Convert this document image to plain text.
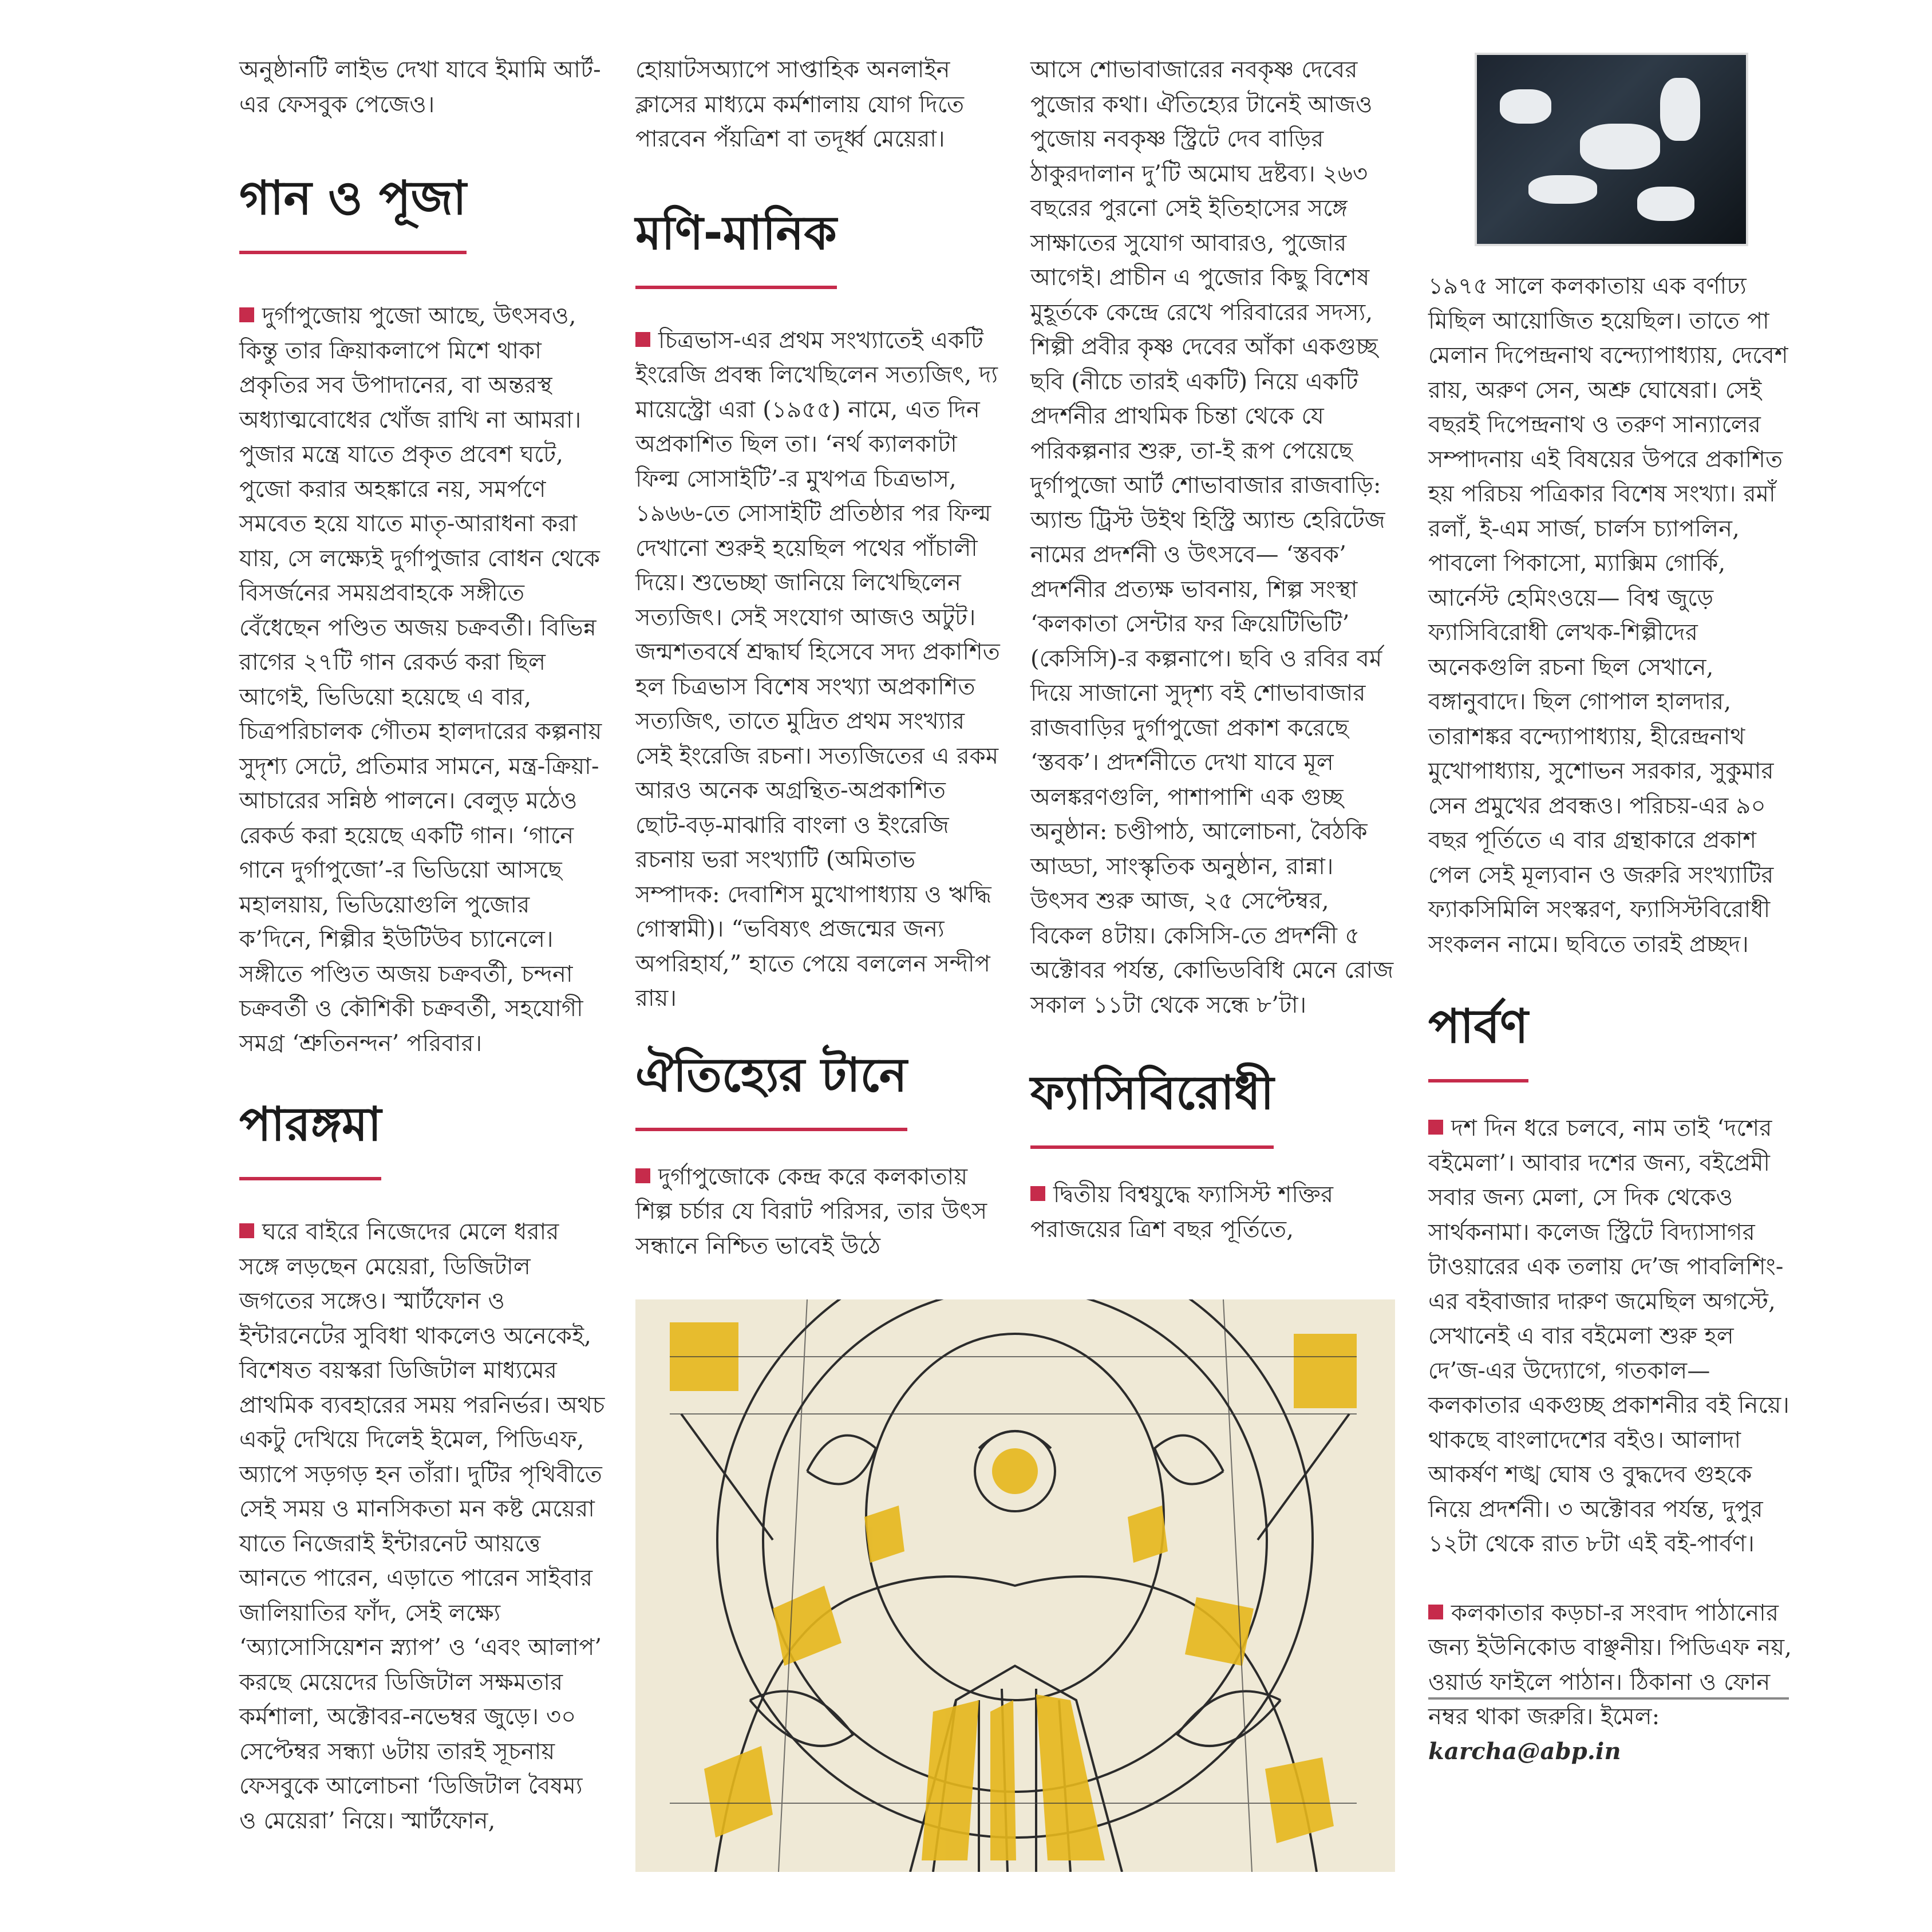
অনুষ্ঠানটি লাইভ দেখা যাবে ইমামি আর্ট-এর ফেসবুক পেজেও।

গান ও পূজা

দুর্গাপুজোয় পুজো আছে, উৎসবও, কিন্তু তার ক্রিয়াকলাপে মিশে থাকা প্রকৃতির সব উপাদানের, বা অন্তরস্থ অধ্যাত্মবোধের খোঁজ রাখি না আমরা। পুজার মন্ত্রে যাতে প্রকৃত প্রবেশ ঘটে, পুজো করার অহঙ্কারে নয়, সমর্পণে সমবেত হয়ে যাতে মাতৃ-আরাধনা করা যায়, সে লক্ষ্যেই দুর্গাপুজার বোধন থেকে বিসর্জনের সময়প্রবাহকে সঙ্গীতে বেঁধেছেন পণ্ডিত অজয় চক্রবর্তী। বিভিন্ন রাগের ২৭টি গান রেকর্ড করা ছিল আগেই, ভিডিয়ো হয়েছে এ বার, চিত্রপরিচালক গৌতম হালদারের কল্পনায় সুদৃশ্য সেটে, প্রতিমার সামনে, মন্ত্র-ক্রিয়া-আচারের সন্নিষ্ঠ পালনে। বেলুড় মঠেও রেকর্ড করা হয়েছে একটি গান। ‘গানে গানে দুর্গাপুজো’-র ভিডিয়ো আসছে মহালয়ায়, ভিডিয়োগুলি পুজোর ক’দিনে, শিল্পীর ইউটিউব চ্যানেলে। সঙ্গীতে পণ্ডিত অজয় চক্রবর্তী, চন্দনা চক্রবর্তী ও কৌশিকী চক্রবর্তী, সহযোগী সমগ্র ‘শ্রুতিনন্দন’ পরিবার।

পারঙ্গমা

ঘরে বাইরে নিজেদের মেলে ধরার সঙ্গে লড়ছেন মেয়েরা, ডিজিটাল জগতের সঙ্গেও। স্মার্টফোন ও ইন্টারনেটের সুবিধা থাকলেও অনেকেই, বিশেষত বয়স্করা ডিজিটাল মাধ্যমের প্রাথমিক ব্যবহারের সময় পরনির্ভর। অথচ একটু দেখিয়ে দিলেই ইমেল, পিডিএফ, অ্যাপে সড়গড় হন তাঁরা। দুটির পৃথিবীতে সেই সময় ও মানসিকতা মন কষ্ট মেয়েরা যাতে নিজেরাই ইন্টারনেট আয়ত্তে আনতে পারেন, এড়াতে পারেন সাইবার জালিয়াতির ফাঁদ, সেই লক্ষ্যে ‘অ্যাসোসিয়েশন স্ন্যাপ’ ও ‘এবং আলাপ’ করছে মেয়েদের ডিজিটাল সক্ষমতার কর্মশালা, অক্টোবর-নভেম্বর জুড়ে। ৩০ সেপ্টেম্বর সন্ধ্যা ৬টায় তারই সূচনায় ফেসবুকে আলোচনা ‘ডিজিটাল বৈষম্য ও মেয়েরা’ নিয়ে। স্মার্টফোন,

হোয়াটসঅ্যাপে সাপ্তাহিক অনলাইন ক্লাসের মাধ্যমে কর্মশালায় যোগ দিতে পারবেন পঁয়ত্রিশ বা তদূর্ধ্ব মেয়েরা।

মণি-মানিক

চিত্রভাস-এর প্রথম সংখ্যাতেই একটি ইংরেজি প্রবন্ধ লিখেছিলেন সত্যজিৎ, দ্য মায়েস্ট্রো এরা (১৯৫৫) নামে, এত দিন অপ্রকাশিত ছিল তা। ‘নর্থ ক্যালকাটা ফিল্ম সোসাইটি’-র মুখপত্র চিত্রভাস, ১৯৬৬-তে সোসাইটি প্রতিষ্ঠার পর ফিল্ম দেখানো শুরুই হয়েছিল পথের পাঁচালী দিয়ে। শুভেচ্ছা জানিয়ে লিখেছিলেন সত্যজিৎ। সেই সংযোগ আজও অটুট। জন্মশতবর্ষে শ্রদ্ধার্ঘ হিসেবে সদ্য প্রকাশিত হল চিত্রভাস বিশেষ সংখ্যা অপ্রকাশিত সত্যজিৎ, তাতে মুদ্রিত প্রথম সংখ্যার সেই ইংরেজি রচনা। সত্যজিতের এ রকম আরও অনেক অগ্রন্থিত-অপ্রকাশিত ছোট-বড়-মাঝারি বাংলা ও ইংরেজি রচনায় ভরা সংখ্যাটি (অমিতাভ সম্পাদক: দেবাশিস মুখোপাধ্যায় ও ঋদ্ধি গোস্বামী)। “ভবিষ্যৎ প্রজন্মের জন্য অপরিহার্য,” হাতে পেয়ে বললেন সন্দীপ রায়।

ঐতিহ্যের টানে

দুর্গাপুজোকে কেন্দ্র করে কলকাতায় শিল্প চর্চার যে বিরাট পরিসর, তার উৎস সন্ধানে নিশ্চিত ভাবেই উঠে

আসে শোভাবাজারের নবকৃষ্ণ দেবের পুজোর কথা। ঐতিহ্যের টানেই আজও পুজোয় নবকৃষ্ণ স্ট্রিটে দেব বাড়ির ঠাকুরদালান দু’টি অমোঘ দ্রষ্টব্য। ২৬৩ বছরের পুরনো সেই ইতিহাসের সঙ্গে সাক্ষাতের সুযোগ আবারও, পুজোর আগেই। প্রাচীন এ পুজোর কিছু বিশেষ মুহূর্তকে কেন্দ্রে রেখে পরিবারের সদস্য, শিল্পী প্রবীর কৃষ্ণ দেবের আঁকা একগুচ্ছ ছবি (নীচে তারই একটি) নিয়ে একটি প্রদর্শনীর প্রাথমিক চিন্তা থেকে যে পরিকল্পনার শুরু, তা-ই রূপ পেয়েছে দুর্গাপুজো আর্ট শোভাবাজার রাজবাড়ি: অ্যান্ড ট্রিস্ট উইথ হিস্ট্রি অ্যান্ড হেরিটেজ নামের প্রদর্শনী ও উৎসবে— ‘স্তবক’ প্রদর্শনীর প্রত্যক্ষ ভাবনায়, শিল্প সংস্থা ‘কলকাতা সেন্টার ফর ক্রিয়েটিভিটি’ (কেসিসি)-র কল্পনাপে। ছবি ও রবির বর্ম দিয়ে সাজানো সুদৃশ্য বই শোভাবাজার রাজবাড়ির দুর্গাপুজো প্রকাশ করেছে ‘স্তবক’। প্রদর্শনীতে দেখা যাবে মূল অলঙ্করণগুলি, পাশাপাশি এক গুচ্ছ অনুষ্ঠান: চণ্ডীপাঠ, আলোচনা, বৈঠকি আড্ডা, সাংস্কৃতিক অনুষ্ঠান, রান্না। উৎসব শুরু আজ, ২৫ সেপ্টেম্বর, বিকেল ৪টায়। কেসিসি-তে প্রদর্শনী ৫ অক্টোবর পর্যন্ত, কোভিডবিধি মেনে রোজ সকাল ১১টা থেকে সন্ধে ৮’টা।

ফ্যাসিবিরোধী

দ্বিতীয় বিশ্বযুদ্ধে ফ্যাসিস্ট শক্তির পরাজয়ের ত্রিশ বছর পূর্তিতে,

১৯৭৫ সালে কলকাতায় এক বর্ণাঢ্য মিছিল আয়োজিত হয়েছিল। তাতে পা মেলান দিপেন্দ্রনাথ বন্দ্যোপাধ্যায়, দেবেশ রায়, অরুণ সেন, অশ্রু ঘোষেরা। সেই বছরই দিপেন্দ্রনাথ ও তরুণ সান্যালের সম্পাদনায় এই বিষয়ের উপরে প্রকাশিত হয় পরিচয় পত্রিকার বিশেষ সংখ্যা। রমাঁ রলাঁ, ই-এম সার্জ, চার্লস চ্যাপলিন, পাবলো পিকাসো, ম্যাক্সিম গোর্কি, আর্নেস্ট হেমিংওয়ে— বিশ্ব জুড়ে ফ্যাসিবিরোধী লেখক-শিল্পীদের অনেকগুলি রচনা ছিল সেখানে, বঙ্গানুবাদে। ছিল গোপাল হালদার, তারাশঙ্কর বন্দ্যোপাধ্যায়, হীরেন্দ্রনাথ মুখোপাধ্যায়, সুশোভন সরকার, সুকুমার সেন প্রমুখের প্রবন্ধও। পরিচয়-এর ৯০ বছর পূর্তিতে এ বার গ্রন্থাকারে প্রকাশ পেল সেই মূল্যবান ও জরুরি সংখ্যাটির ফ্যাকসিমিলি সংস্করণ, ফ্যাসিস্টবিরোধী সংকলন নামে। ছবিতে তারই প্রচ্ছদ।

পার্বণ

দশ দিন ধরে চলবে, নাম তাই ‘দশের বইমেলা’। আবার দশের জন্য, বইপ্রেমী সবার জন্য মেলা, সে দিক থেকেও সার্থকনামা। কলেজ স্ট্রিটে বিদ্যাসাগর টাওয়ারের এক তলায় দে’জ পাবলিশিং-এর বইবাজার দারুণ জমেছিল অগস্টে, সেখানেই এ বার বইমেলা শুরু হল দে’জ-এর উদ্যোগে, গতকাল— কলকাতার একগুচ্ছ প্রকাশনীর বই নিয়ে। থাকছে বাংলাদেশের বইও। আলাদা আকর্ষণ শঙ্খ ঘোষ ও বুদ্ধদেব গুহকে নিয়ে প্রদর্শনী। ৩ অক্টোবর পর্যন্ত, দুপুর ১২টা থেকে রাত ৮টা এই বই-পার্বণ।

কলকাতার কড়চা-র সংবাদ পাঠানোর জন্য ইউনিকোড বাঞ্ছনীয়। পিডিএফ নয়, ওয়ার্ড ফাইলে পাঠান। ঠিকানা ও ফোন নম্বর থাকা জরুরি। ইমেল: karcha@abp.in
